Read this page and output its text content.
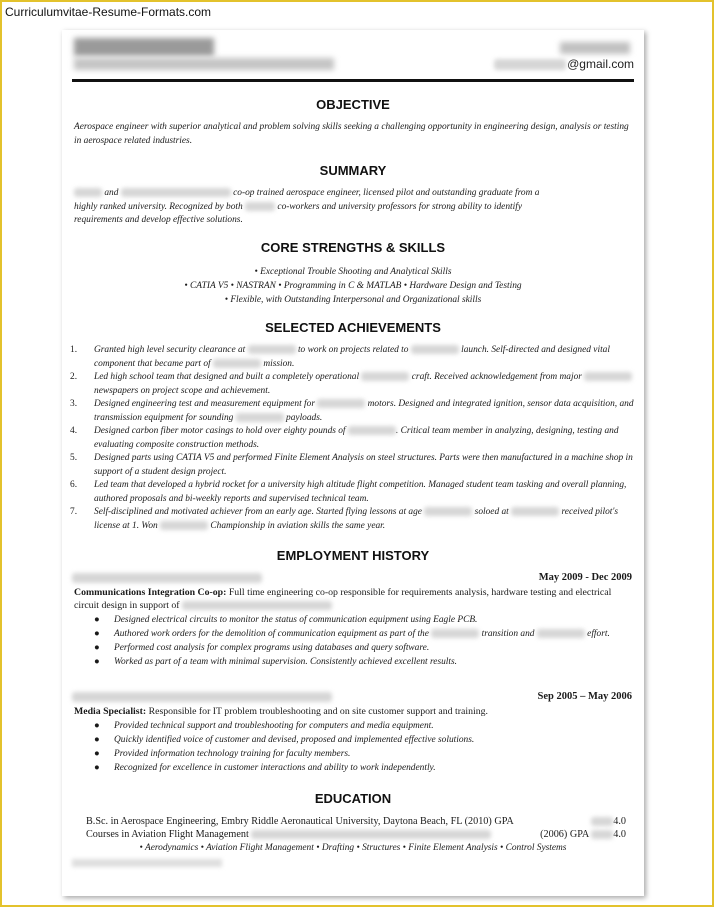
Curriculumvitae-Resume-Formats.com
@gmail.com
OBJECTIVE
Aerospace engineer with superior analytical and problem solving skills seeking a challenging opportunity in engineering design, analysis or testing in aerospace related industries.
SUMMARY
and	co-op trained aerospace engineer, licensed pilot and outstanding graduate from a
highly ranked university. Recognized by both	co-workers and university professors for strong ability to identify
requirements and develop effective solutions.
CORE STRENGTHS & SKILLS
• Exceptional Trouble Shooting and Analytical Skills
• CATIA V5 • NASTRAN • Programming in C & MATLAB • Hardware Design and Testing
• Flexible, with Outstanding Interpersonal and Organizational skills
SELECTED ACHIEVEMENTS
1.	Granted high level security clearance at	to work on projects related to	launch. Self-directed and designed vital component that became part of	mission.
2.	Led high school team that designed and built a completely operational	craft. Received acknowledgement from major  newspapers on project scope and achievement.
3.	Designed engineering test and measurement equipment for	motors. Designed and integrated ignition, sensor data acquisition, and transmission equipment for sounding	payloads.
4.	Designed carbon fiber motor casings to hold over eighty pounds of	. Critical team member in analyzing, designing, testing and evaluating composite construction methods.
5.	Designed parts using CATIA V5 and performed Finite Element Analysis on steel structures. Parts were then manufactured in a machine shop in support of a student design project.
6.	Led team that developed a hybrid rocket for a university high altitude flight competition. Managed student team tasking and overall planning, authored proposals and bi-weekly reports and supervised technical team.
7.	Self-disciplined and motivated achiever from an early age. Started flying lessons at age	soloed at	received pilot's license at 1. Won	Championship in aviation skills the same year.
EMPLOYMENT HISTORY
May 2009 - Dec 2009
Communications Integration Co-op: Full time engineering co-op responsible for requirements analysis, hardware testing and electrical circuit design in support of
●	Designed electrical circuits to monitor the status of communication equipment using Eagle PCB.
●	Authored work orders for the demolition of communication equipment as part of the	transition and	effort.
●	Performed cost analysis for complex programs using databases and query software.
●	Worked as part of a team with minimal supervision. Consistently achieved excellent results.
Sep 2005 – May 2006
Media Specialist: Responsible for IT problem troubleshooting and on site customer support and training.
●	Provided technical support and troubleshooting for computers and media equipment.
●	Quickly identified voice of customer and devised, proposed and implemented effective solutions.
●	Provided information technology training for faculty members.
●	Recognized for excellence in customer interactions and ability to work independently.
EDUCATION
B.Sc. in Aerospace Engineering, Embry Riddle Aeronautical University, Daytona Beach, FL (2010) GPA	4.0
Courses in Aviation Flight Management	(2006) GPA 4.0
• Aerodynamics • Aviation Flight Management • Drafting • Structures • Finite Element Analysis • Control Systems
